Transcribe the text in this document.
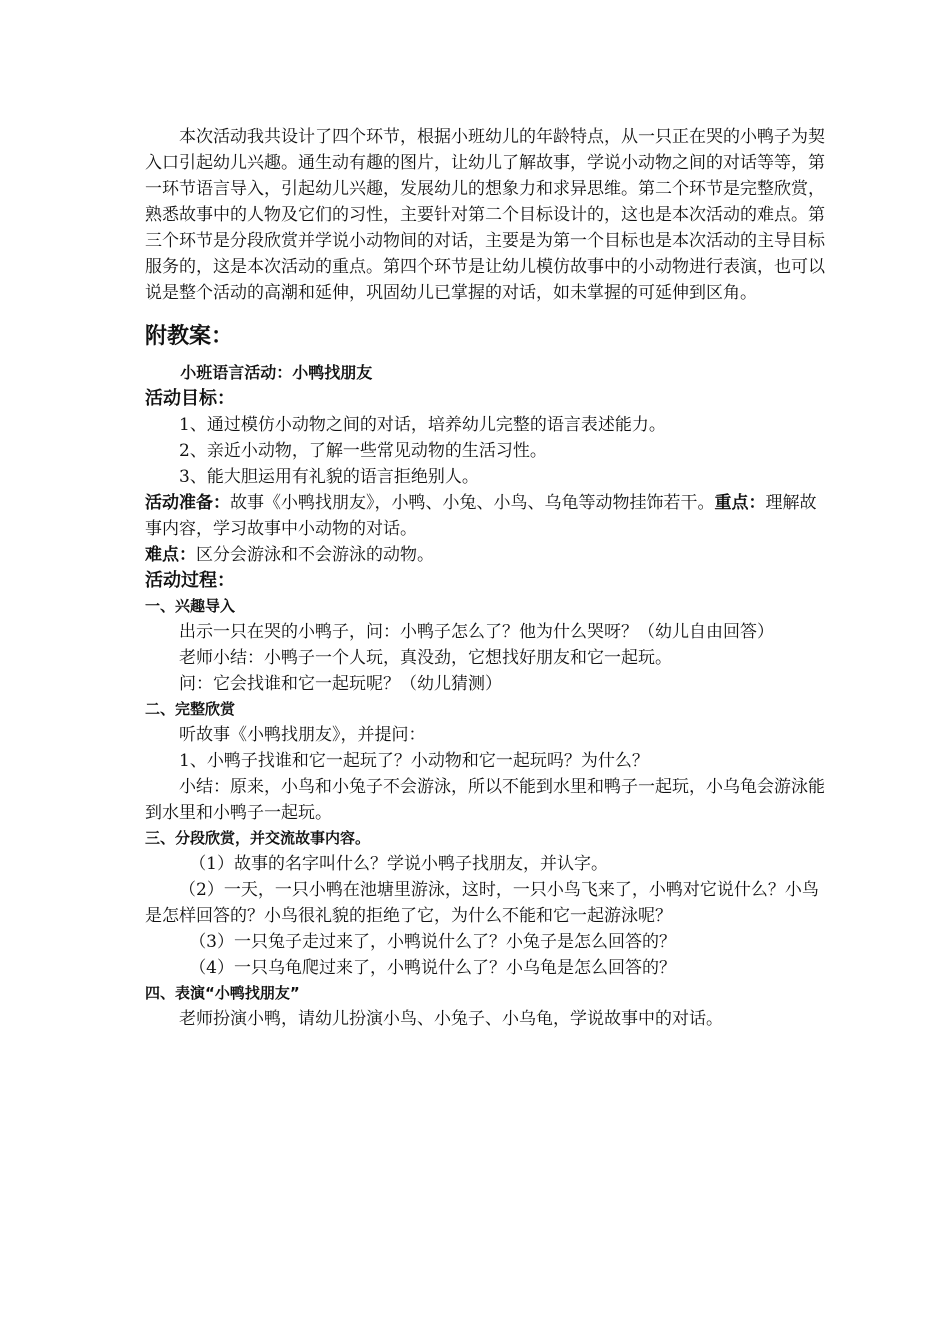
本次活动我共设计了四个环节，根据小班幼儿的年龄特点，从一只正在哭的小鸭子为契入口引起幼儿兴趣。通生动有趣的图片，让幼儿了解故事，学说小动物之间的对话等等，第一环节语言导入，引起幼儿兴趣，发展幼儿的想象力和求异思维。第二个环节是完整欣赏，熟悉故事中的人物及它们的习性，主要针对第二个目标设计的，这也是本次活动的难点。第三个环节是分段欣赏并学说小动物间的对话，主要是为第一个目标也是本次活动的主导目标服务的，这是本次活动的重点。第四个环节是让幼儿模仿故事中的小动物进行表演，也可以说是整个活动的高潮和延伸，巩固幼儿已掌握的对话，如未掌握的可延伸到区角。

附教案：
小班语言活动：小鸭找朋友
活动目标：

1、通过模仿小动物之间的对话，培养幼儿完整的语言表述能力。

2、亲近小动物，了解一些常见动物的生活习性。

3、能大胆运用有礼貌的语言拒绝别人。

活动准备：故事《小鸭找朋友》，小鸭、小兔、小鸟、乌龟等动物挂饰若干。重点：理解故事内容，学习故事中小动物的对话。

难点：区分会游泳和不会游泳的动物。

活动过程：
一、兴趣导入

出示一只在哭的小鸭子，问：小鸭子怎么了？他为什么哭呀？（幼儿自由回答）

老师小结：小鸭子一个人玩，真没劲，它想找好朋友和它一起玩。

问：它会找谁和它一起玩呢？（幼儿猜测）

二、完整欣赏

听故事《小鸭找朋友》，并提问：

1、小鸭子找谁和它一起玩了？小动物和它一起玩吗？为什么？

小结：原来，小鸟和小兔子不会游泳，所以不能到水里和鸭子一起玩，小乌龟会游泳能到水里和小鸭子一起玩。

三、分段欣赏，并交流故事内容。

（1）故事的名字叫什么？学说小鸭子找朋友，并认字。

（2）一天，一只小鸭在池塘里游泳，这时，一只小鸟飞来了，小鸭对它说什么？小鸟是怎样回答的？小鸟很礼貌的拒绝了它，为什么不能和它一起游泳呢？

（3）一只兔子走过来了，小鸭说什么了？小兔子是怎么回答的？

（4）一只乌龟爬过来了，小鸭说什么了？小乌龟是怎么回答的？

四、表演“小鸭找朋友”

老师扮演小鸭，请幼儿扮演小鸟、小兔子、小乌龟，学说故事中的对话。
